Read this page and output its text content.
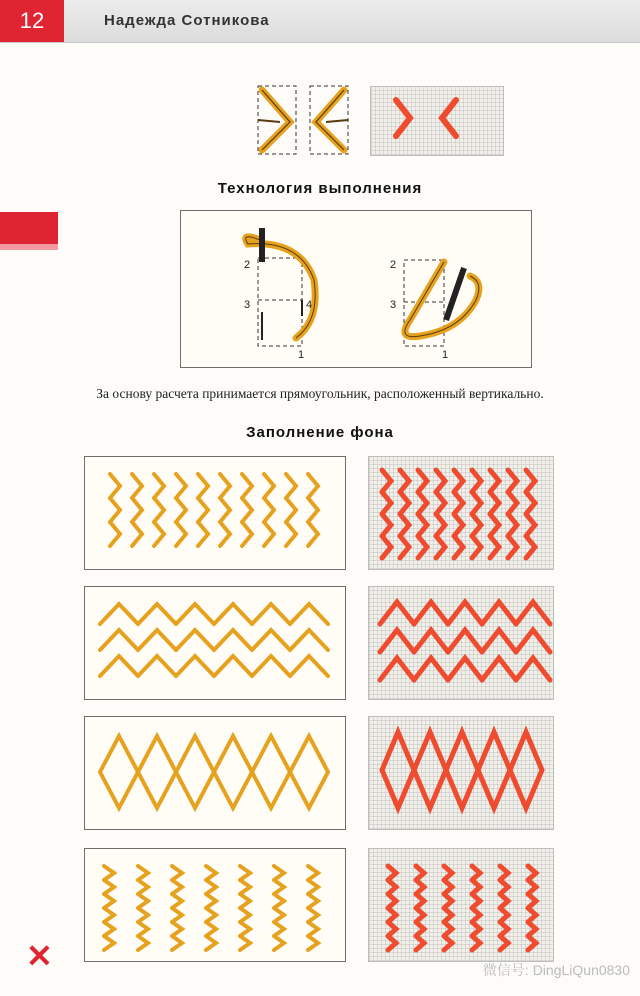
12	Надежда Сотникова
Технология выполнения
2
3	4
1
2
3	4
1
За основу расчета принимается прямоугольник, расположенный вертикально.
Заполнение фона
✕	微信号: DingLiQun0830
